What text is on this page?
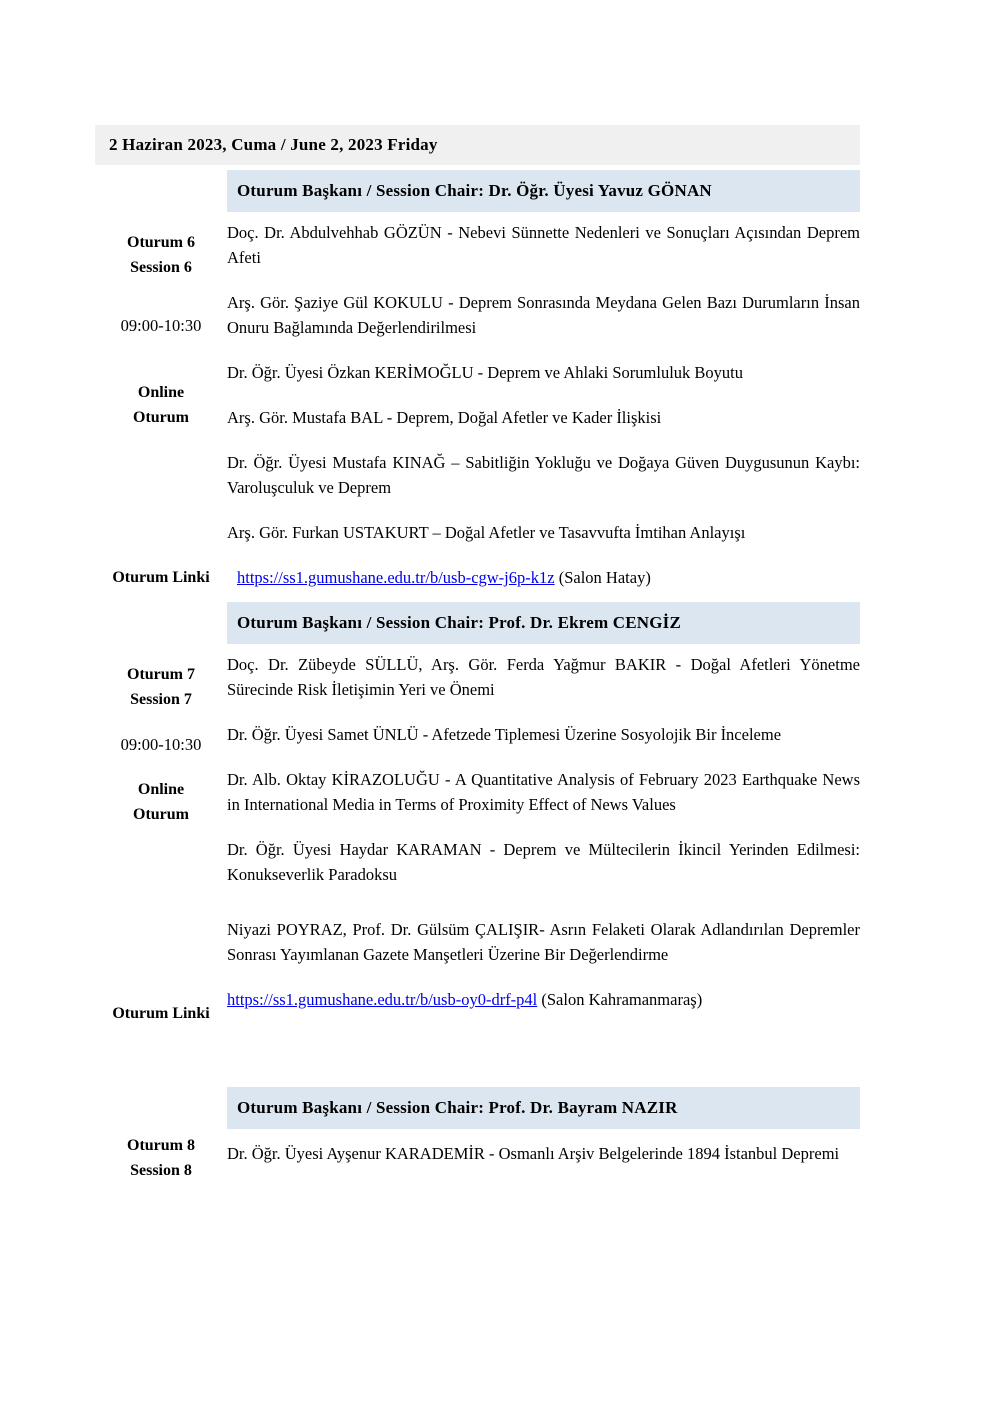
2 Haziran 2023, Cuma / June 2, 2023 Friday
Oturum Başkanı / Session Chair: Dr. Öğr. Üyesi Yavuz GÖNAN
Oturum 6
Session 6

Doç. Dr. Abdulvehhab GÖZÜN - Nebevi Sünnette Nedenleri ve Sonuçları Açısından Deprem Afeti

09:00-10:30

Arş. Gör. Şaziye Gül KOKULU - Deprem Sonrasında Meydana Gelen Bazı Durumların İnsan Onuru Bağlamında Değerlendirilmesi

Online
Oturum

Dr. Öğr. Üyesi Özkan KERİMOĞLU - Deprem ve Ahlaki Sorumluluk Boyutu

Arş. Gör. Mustafa BAL - Deprem, Doğal Afetler ve Kader İlişkisi

Dr. Öğr. Üyesi Mustafa KINAĞ – Sabitliğin Yokluğu ve Doğaya Güven Duygusunun Kaybı: Varoluşculuk ve Deprem

Arş. Gör. Furkan USTAKURT – Doğal Afetler ve Tasavvufta İmtihan Anlayışı

Oturum Linki	https://ss1.gumushane.edu.tr/b/usb-cgw-j6p-k1z (Salon Hatay)

Oturum Başkanı / Session Chair: Prof. Dr. Ekrem CENGİZ
Oturum 7
Session 7

Doç. Dr. Zübeyde SÜLLÜ, Arş. Gör. Ferda Yağmur BAKIR - Doğal Afetleri Yönetme Sürecinde Risk İletişimin Yeri ve Önemi

09:00-10:30

Dr. Öğr. Üyesi Samet ÜNLÜ - Afetzede Tiplemesi Üzerine Sosyolojik Bir İnceleme

Online
Oturum

Dr. Alb. Oktay KİRAZOLUĞU - A Quantitative Analysis of February 2023 Earthquake News in International Media in Terms of Proximity Effect of News Values

Dr. Öğr. Üyesi Haydar KARAMAN - Deprem ve Mültecilerin İkincil Yerinden Edilmesi: Konukseverlik Paradoksu

Niyazi POYRAZ, Prof. Dr. Gülsüm ÇALIŞIR- Asrın Felaketi Olarak Adlandırılan Depremler Sonrası Yayımlanan Gazete Manşetleri Üzerine Bir Değerlendirme

Oturum Linki

https://ss1.gumushane.edu.tr/b/usb-oy0-drf-p4l (Salon Kahramanmaraş)

Oturum Başkanı / Session Chair: Prof. Dr. Bayram NAZIR
Oturum 8
Session 8

Dr. Öğr. Üyesi Ayşenur KARADEMİR - Osmanlı Arşiv Belgelerinde 1894 İstanbul Depremi
